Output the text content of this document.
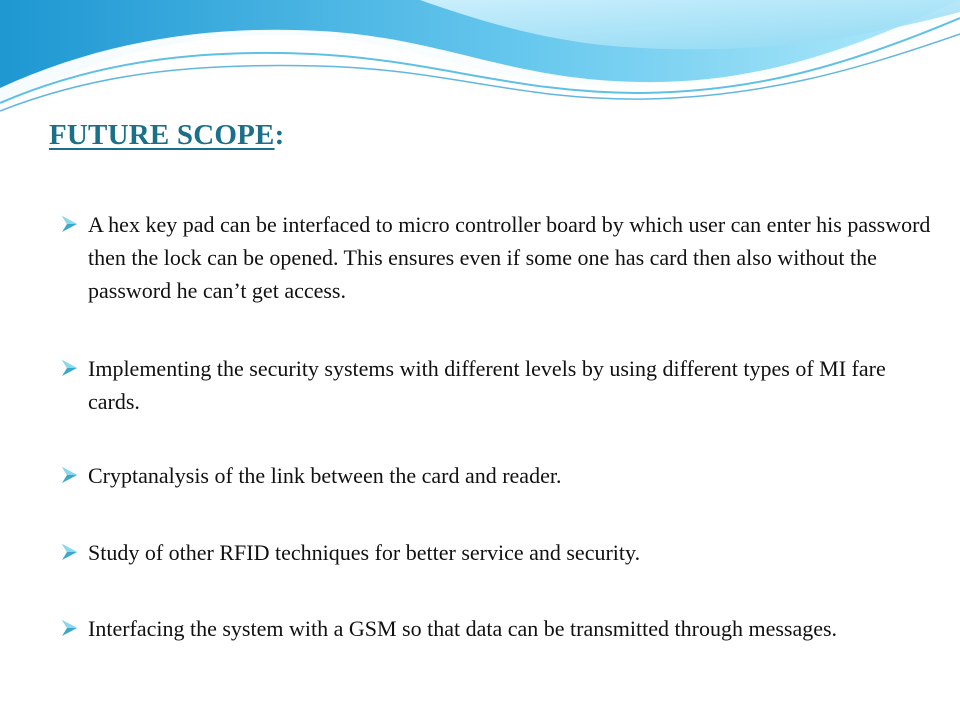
FUTURE SCOPE:

A hex key pad can be interfaced to micro controller board by which user can enter his password then the lock can be opened. This ensures even if some one has card then also without the password he can’t get access.

Implementing the security systems with different levels by using different types of MI fare cards.

Cryptanalysis of the link between the card and reader.

Study of other RFID techniques for better service and security.

Interfacing the system with a GSM so that data can be transmitted through messages.
